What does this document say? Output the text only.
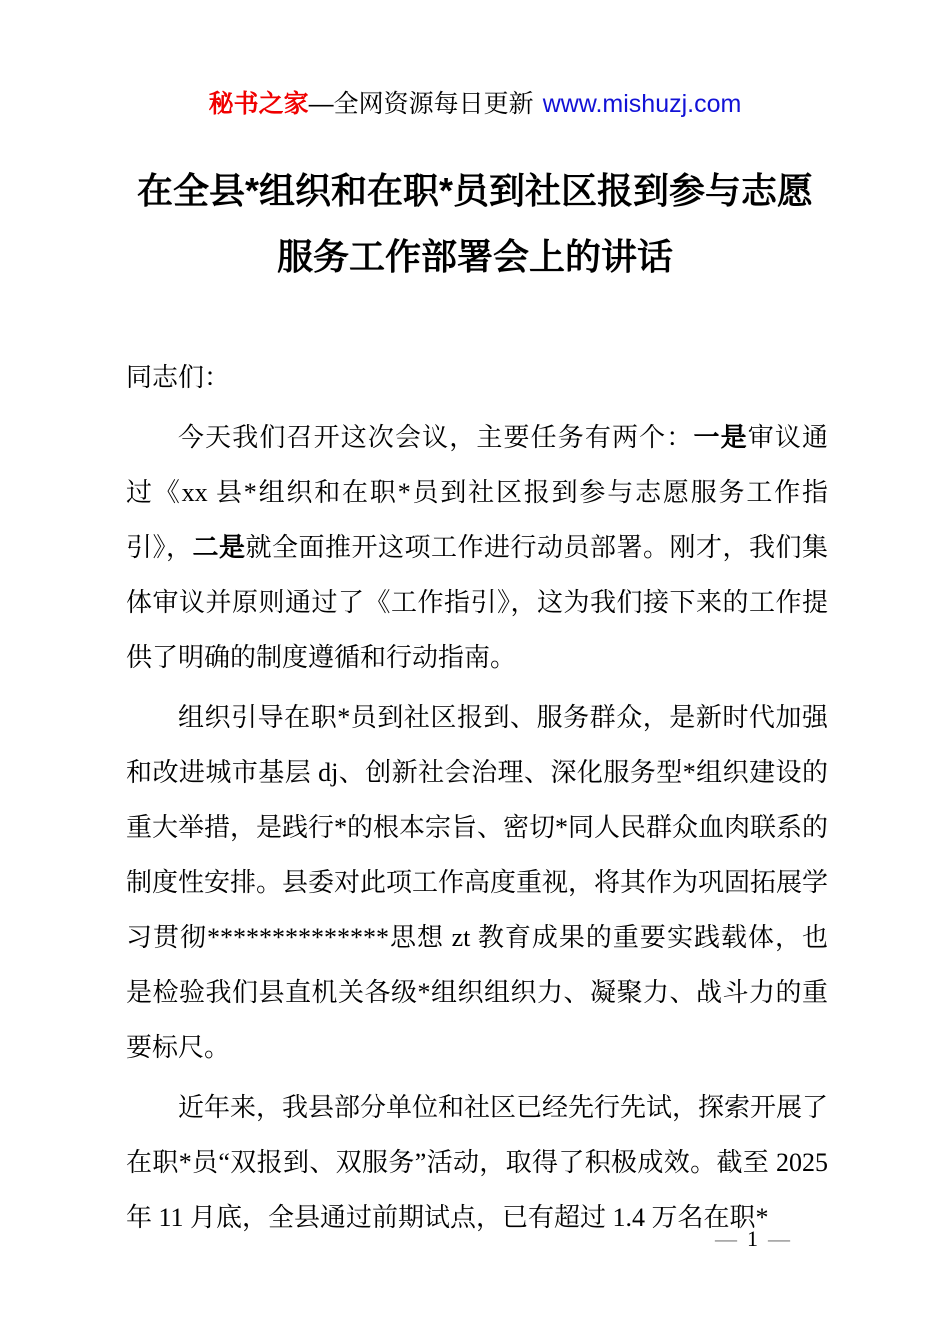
秘书之家—全网资源每日更新 www.mishuzj.com
在全县*组织和在职*员到社区报到参与志愿
服务工作部署会上的讲话

同志们：

今天我们召开这次会议，主要任务有两个：一是审议通过《xx 县*组织和在职*员到社区报到参与志愿服务工作指引》，二是就全面推开这项工作进行动员部署。刚才，我们集体审议并原则通过了《工作指引》，这为我们接下来的工作提供了明确的制度遵循和行动指南。

组织引导在职*员到社区报到、服务群众，是新时代加强和改进城市基层 dj、创新社会治理、深化服务型*组织建设的重大举措，是践行*的根本宗旨、密切*同人民群众血肉联系的制度性安排。县委对此项工作高度重视，将其作为巩固拓展学习贯彻**************思想 zt 教育成果的重要实践载体，也是检验我们县直机关各级*组织组织力、凝聚力、战斗力的重要标尺。

近年来，我县部分单位和社区已经先行先试，探索开展了在职*员“双报到、双服务”活动，取得了积极成效。截至 2025 年 11 月底，全县通过前期试点，已有超过 1.4 万名在职*

— 1 —
